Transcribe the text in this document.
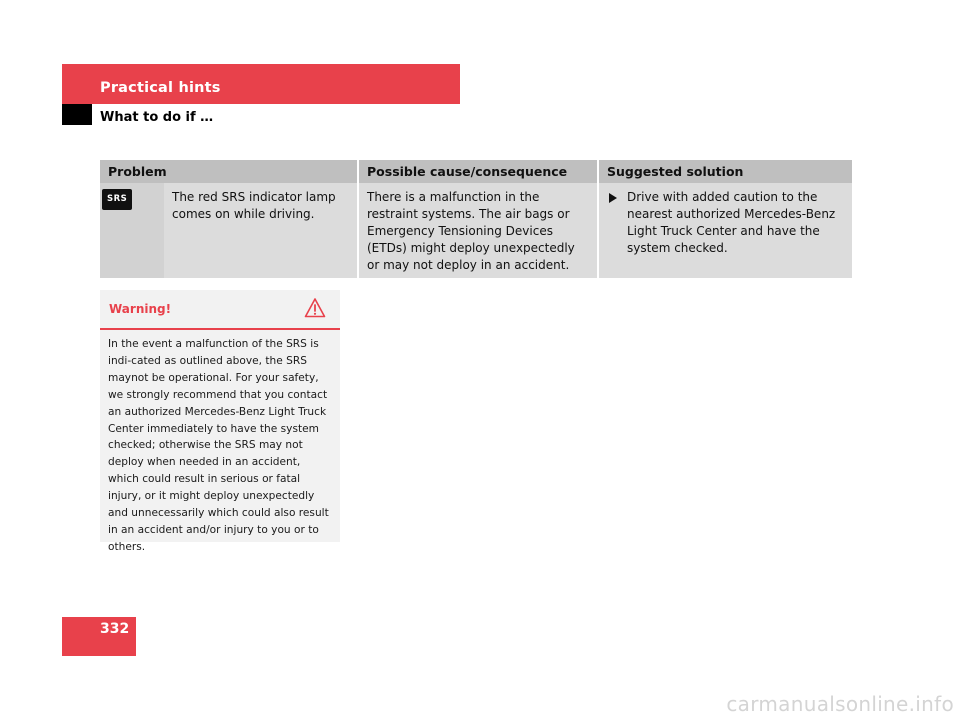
Practical hints
What to do if …
Problem		Possible cause/consequence	Suggested solution
SRS	The red SRS indicator lamp comes on while driving.	There is a malfunction in the restraint systems. The air bags or Emergency Tensioning Devices (ETDs) might deploy unexpectedly or may not deploy in an accident.	Drive with added caution to the nearest authorized Mercedes-Benz Light Truck Center and have the system checked.
Warning!
In the event a malfunction of the SRS is indi-cated as outlined above, the SRS maynot be operational. For your safety, we strongly recommend that you contact an authorized Mercedes-Benz Light Truck Center immediately to have the system checked; otherwise the SRS may not deploy when needed in an accident, which could result in serious or fatal injury, or it might deploy unexpectedly and unnecessarily which could also result in an accident and/or injury to you or to others.
332
carmanualsonline.info
